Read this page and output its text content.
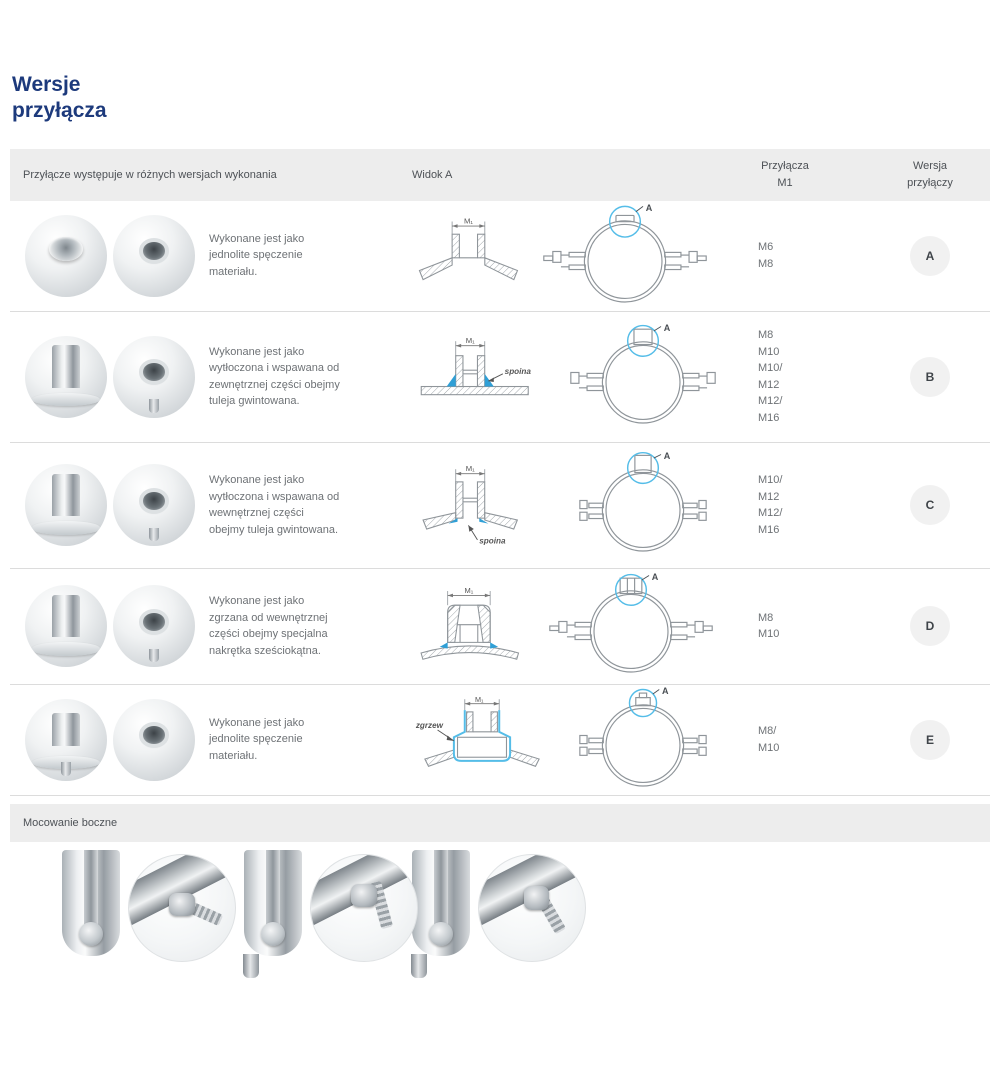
Wersje
przyłącza
Przyłącze występuje w różnych wersjach wykonania	Widok A
Przyłącza
M1
Wersja
przyłączy
Wykonane jest jako jednolite spęczenie materiału.
M₁
A
M6
M8
A
Wykonane jest jako wytłoczona i wspawana od zewnętrznej części obejmy tuleja gwintowana.
M₁
spoina
A
M8
M10
M10/
M12
M12/
M16
B
Wykonane jest jako wytłoczona i wspawana od wewnętrznej części obejmy tuleja gwintowana.
M₁
spoina
A
M10/
M12
M12/
M16
C
Wykonane jest jako zgrzana od wewnętrznej części obejmy specjalna nakrętka sześciokątna.
M₁
A
M8
M10
D
Wykonane jest jako jednolite spęczenie materiału.
M₁
zgrzew
A
M8/
M10
E
Mocowanie boczne
